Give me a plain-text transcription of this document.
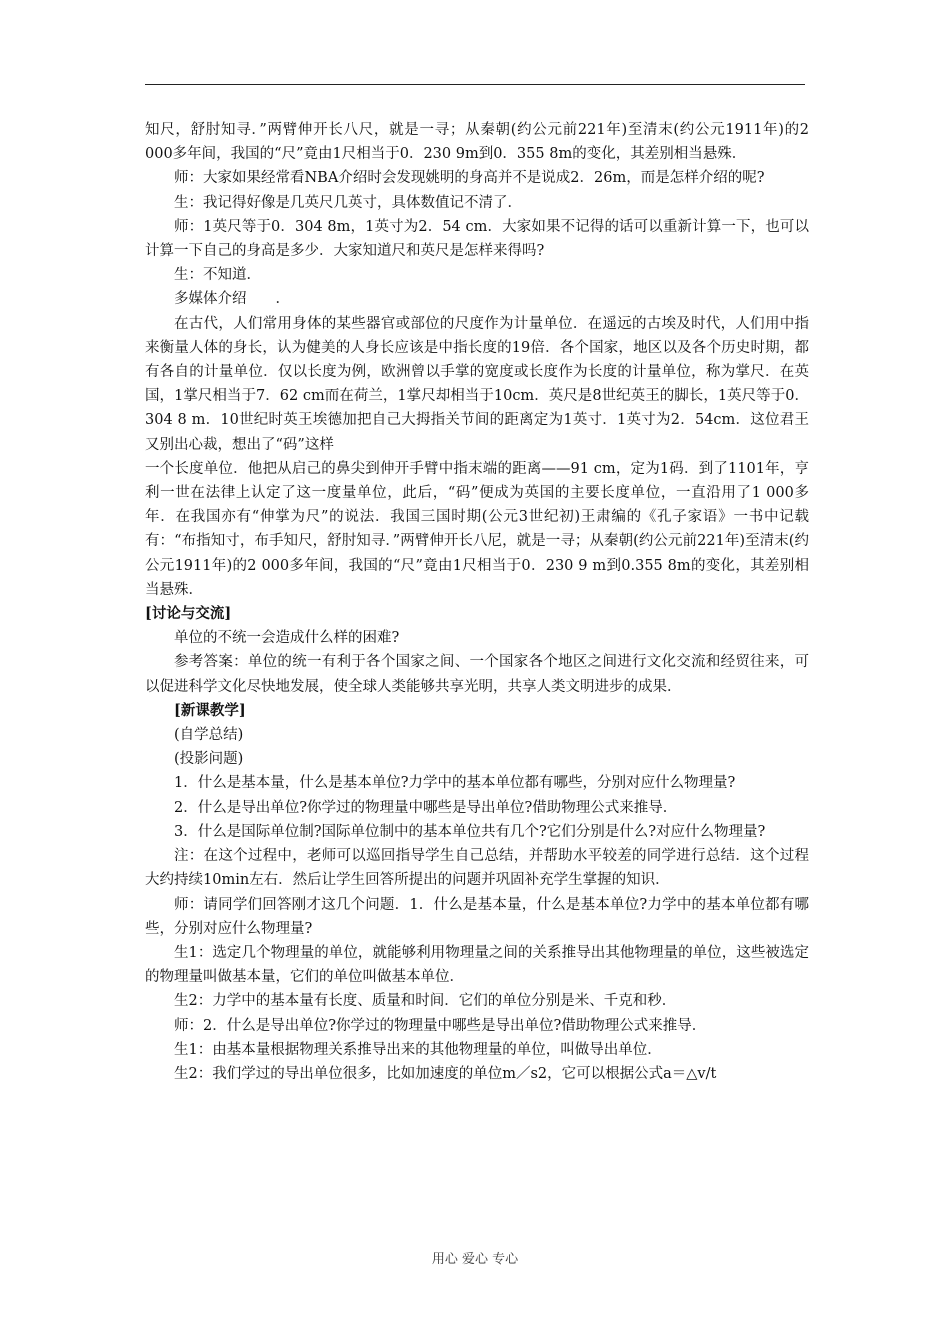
知尺，舒肘知寻．”两臂伸开长八尺，就是一寻；从秦朝(约公元前221年)至清末(约公元1911年)的2 000多年间，我国的“尺”竟由1尺相当于0．230 9m到0．355 8m的变化，其差别相当悬殊．

师：大家如果经常看NBA介绍时会发现姚明的身高并不是说成2．26m，而是怎样介绍的呢?

生：我记得好像是几英尺几英寸，具体数值记不清了．

师：1英尺等于0．304 8m，1英寸为2．54 cm．大家如果不记得的话可以重新计算一下，也可以计算一下自己的身高是多少．大家知道尺和英尺是怎样来得吗?

生：不知道．

多媒体介绍　　．

在古代，人们常用身体的某些器官或部位的尺度作为计量单位．在遥远的古埃及时代，人们用中指来衡量人体的身长，认为健美的人身长应该是中指长度的19倍．各个国家，地区以及各个历史时期，都有各自的计量单位．仅以长度为例，欧洲曾以手掌的宽度或长度作为长度的计量单位，称为掌尺．在英国，1掌尺相当于7．62 cm而在荷兰，1掌尺却相当于10cm．英尺是8世纪英王的脚长，1英尺等于0．304 8 m．10世纪时英王埃德加把自己大拇指关节间的距离定为1英寸．1英寸为2．54cm．这位君王又别出心裁，想出了“码”这样

一个长度单位．他把从启己的鼻尖到伸开手臂中指末端的距离——91 cm，定为1码．到了1101年，亨利一世在法律上认定了这一度量单位，此后，“码”便成为英国的主要长度单位，一直沿用了1 000多年．在我国亦有“伸掌为尺”的说法．我国三国时期(公元3世纪初)王肃编的《孔子家语》一书中记载有：“布指知寸，布手知尺，舒肘知寻．”两臂伸开长八尼，就是一寻；从秦朝(约公元前221年)至清末(约公元1911年)的2 000多年间，我国的“尺”竟由1尺相当于0．230 9 m到0.355 8m的变化，其差别相当悬殊．

[讨论与交流]

单位的不统一会造成什么样的困难?

参考答案：单位的统一有利于各个国家之间、一个国家各个地区之间进行文化交流和经贸往来，可以促进科学文化尽快地发展，使全球人类能够共享光明，共享人类文明进步的成果．

[新课教学]

(自学总结)

(投影问题)

1．什么是基本量，什么是基本单位?力学中的基本单位都有哪些，分别对应什么物理量?

2．什么是导出单位?你学过的物理量中哪些是导出单位?借助物理公式来推导．

3．什么是国际单位制?国际单位制中的基本单位共有几个?它们分别是什么?对应什么物理量?

注：在这个过程中，老师可以巡回指导学生自己总结，并帮助水平较差的同学进行总结．这个过程大约持续10min左右．然后让学生回答所提出的问题并巩固补充学生掌握的知识．

师：请同学们回答刚才这几个问题．1．什么是基本量，什么是基本单位?力学中的基本单位都有哪些，分别对应什么物理量?

生1：选定几个物理量的单位，就能够利用物理量之间的关系推导出其他物理量的单位，这些被选定的物理量叫做基本量，它们的单位叫做基本单位．

生2：力学中的基本量有长度、质量和时间．它们的单位分别是米、千克和秒．

师：2．什么是导出单位?你学过的物理量中哪些是导出单位?借助物理公式来推导．

生1：由基本量根据物理关系推导出来的其他物理量的单位，叫做导出单位．

生2：我们学过的导出单位很多，比如加速度的单位m／s2，它可以根据公式a＝△v/t

用心 爱心 专心
